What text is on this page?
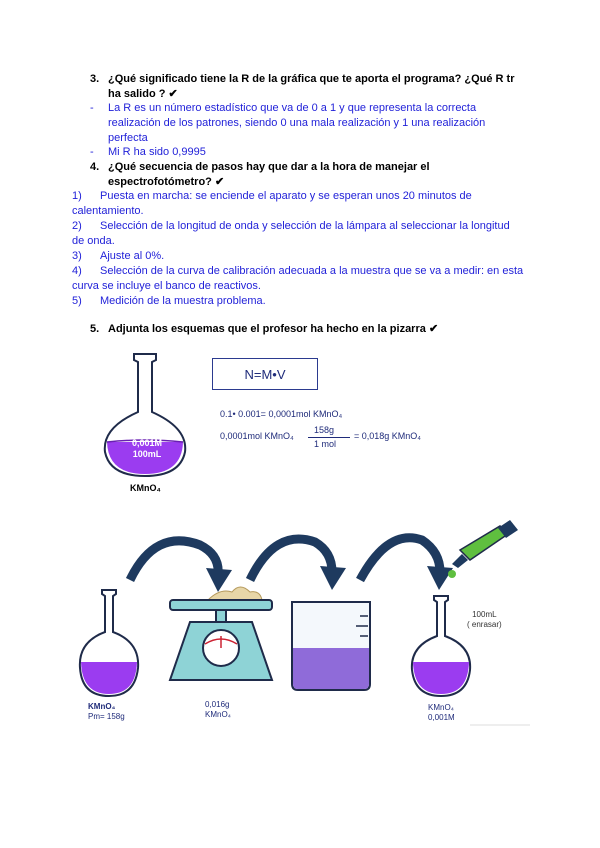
3. ¿Qué significado tiene la R de la gráfica que te aporta el programa? ¿Qué R tr ha salido ? ✔
- La R es un número estadístico que va de 0 a 1 y que representa la correcta realización de los patrones, siendo 0 una mala realización y 1 una realización perfecta
- Mi R ha sido 0,9995
4. ¿Qué secuencia de pasos hay que dar a la hora de manejar el espectrofotómetro? ✔
1) Puesta en marcha: se enciende el aparato y se esperan unos 20 minutos de
calentamiento.
2) Selección de la longitud de onda y selección de la lámpara al seleccionar la longitud
de onda.
3) Ajuste al 0%.
4) Selección de la curva de calibración adecuada a la muestra que se va a medir: en esta
curva se incluye el banco de reactivos.
5) Medición de la muestra problema.
5. Adjunta los esquemas que el profesor ha hecho en la pizarra ✔
0,001M
100mL
KMnO₄
N=M•V
0.1• 0.001= 0,0001mol KMnO₄
0,0001mol KMnO₄
158g
1 mol
= 0,018g KMnO₄
KMnO₄
Pm= 158g
0,016g
KMnO₄
100mL
( enrasar)
KMnO₄
0,001M
